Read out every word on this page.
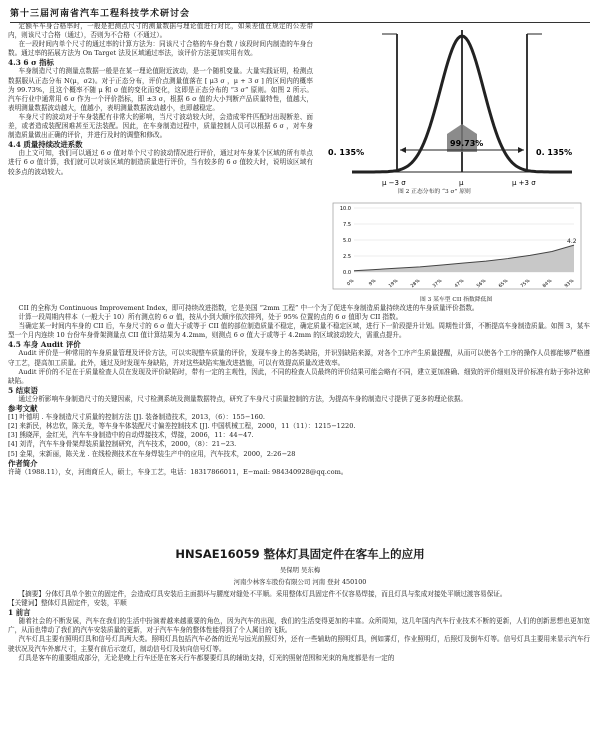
第十三届河南省汽车工程科技学术研讨会

定额车车身合格率时，一般是把测点尺寸的测量数据与理论值进行对比，如果差值在规定的公差带内，则该尺寸合格（通过），否则为不合格（不通过）。

在一段时间内单个尺寸的通过率的计算方法为：同该尺寸合格的车身台数 / 该段时间内制造的车身台数。通过率的拓展方法为 On Target 法及区域通过率法，该评价方法更加实用有效。

4.3 6 σ 指标

车身制造尺寸的测量点数据一般是在某一理论值附近波动，是一个随机变量。大量实践证明，检测点数据服从正态分布 N(μ，σ2)。对于正态分布，评价点测量值落在 [ μ3 σ ，μ + 3 σ ] 的区间内的概率为 99.73%，且这个概率不随 μ 和 σ 值的变化而变化，这即是正态分布的 “3 σ” 原则。如图 2 所示。汽车行业中通常用 6 σ 作为一个评价指标，即 ±3 σ，根据 6 σ 值的大小判断产品质量特性，值越大，表明测量数据波动越大，值越小，表明测量数据波动越小，也即越稳定。

车身尺寸的波动对于车身装配有非常大的影响，当尺寸波动较大时，会造成零件匹配时出现断差、面差，或者造成装配困难甚至无法装配。因此，在车身制造过程中，质量控制人员可以根据 6 σ ，对车身制造质量做出正确的评价，并进行及时的调整和修改。

4.4 质量持续改进系数

由上文可知，我们可以通过 6 σ 值对单个尺寸的波动情况进行评价，通过对车身某个区域的所有单点进行 6 σ 值计算，我们就可以对该区域的制造质量进行评价，当有较多的 6 σ 值较大时，说明该区域有较多点的波动较大。

99.73%
0. 135%	0. 135%
μ −3 σ	μ	μ +3 σ
图 2 正态分布的 “3 σ” 原则
0.0
2.5
5.0
7.5
10.0
0%	9% 19% 28% 37% 47% 56% 65% 75% 84% 93%
4.2
图 3 某车型 CII 指数降低图

CII 的全称为 Continuous Improvement Index，即可持续改进指数，它是美国 “2mm 工程” 中一个为了促进车身制造质量持续改进的车身质量评价指数。

计算一段周期内样本（一般大于 10）所有测点的 6 σ 值，按从小到大顺序依次排列，处于 95% 位置的点的 6 σ 值即为 CII 指数。

当确定某一时间内车身的 CII 后，车身尺寸的 6 σ 值大于或等于 CII 值的部位制造质量不稳定，确定质量不稳定区域，进行下一阶段提升计划。周期性计算，不断提高车身制造质量。如图 3，某车型一个月内连续 10 台份车身骨架测量点 CII 值计算结果为 4.2mm，则测点 6 σ 值大于或等于 4.2mm 的区域波动较大，需重点提升。

4.5 车身 Audit 评价

Audit 评价是一种常用的车身质量管理及评价方法，可以实现整车质量的评价，发现车身上的各类缺陷，并识别缺陷来源，对各个工序产生质量提醒，从而可以使各个工序的操作人员都能够严格遵守工艺，提高加工质量。此外，通过及时发现车身缺陷，并对这些缺陷实施改进措施，可以有效提高质量改进效率。

Audit 评价的不足在于质量检查人员在发现及评价缺陷时，带有一定的主观性，因此，不同的检查人员最终的评价结果可能会略有不同，建立更加准确、细致的评价细则及评价标准有助于弥补这种缺陷。

5 结束语

通过分析影响车身制造尺寸的关键因素，尺寸检测系统及测量数据特点，研究了车身尺寸质量控制的方法，为提高车身的制造尺寸提供了更多的理论依据。

参考文献

[1] 叶德明 . 车身制造尺寸质量的控制方法 [J]. 装备制造技术，2013，（6）：155−160.

[2] 来新民，林忠钦，陈关龙，等车身车体装配尺寸偏差控制技术 [J]. 中国机械工程，2000，11（11）：1215−1220.

[3] 熊晓萍，金红光，汽车车身制造中的自动焊接技术，焊接，2006，11：44−47.

[4] 刘青，汽车车身骨架焊装质量控制研究，汽车技术，2000，（8）：21−23.

[5] 金果，宋新丽，陈关龙 . 在线检测技术在车身焊装生产中的应用，汽车技术，2000，2:26−28

作者简介

许琦（1988.11），女，河南商丘人，硕士，车身工艺，电话：18317866011，E−mail: 984340928@qq.com。

HNSAE16059 整体灯具固定件在客车上的应用
吴保明 吴东梅
河南少林客车股份有限公司 河南 登封 450100

【摘要】分体灯具单个独立的固定件，会造成灯具安装后主面损坏与腰度对缝处不平顺。采用整体灯具固定件不仅容易焊接，而且灯具与浆成对接处平顺过渡容易保证。

【关键词】整体灯具固定件，安装，平顺

1 前言

随着社会的不断发展，汽车在我们的生活中扮演着越来越重要的角色，因为汽车的出现，我们的生活变得更加的丰富。众所周知，这几年国内汽车行业技术不断的更新，人们的创新思想也更加宽广，从而也带动了我们的汽车安装质量的更新，对于汽车车身的整体性能得到了个人属目的飞跃。

汽车灯具主要有照明灯具和信号灯具两大类。照明灯具包括汽车必备的近光与远光前照灯外，还有一些辅助的照明灯具，例如雾灯，作业照明灯，后照灯及倒车灯等。信号灯具主要用来显示汽车行驶状况及汽车外廓尺寸，主要有前后示宽灯，制动信号灯及转向信号灯等。

灯具是客车的重要组成部分，无论是晚上行车还是在客天行车都要要灯具的辅助支持，灯光的照射范围和光束的角度都是有一定的
